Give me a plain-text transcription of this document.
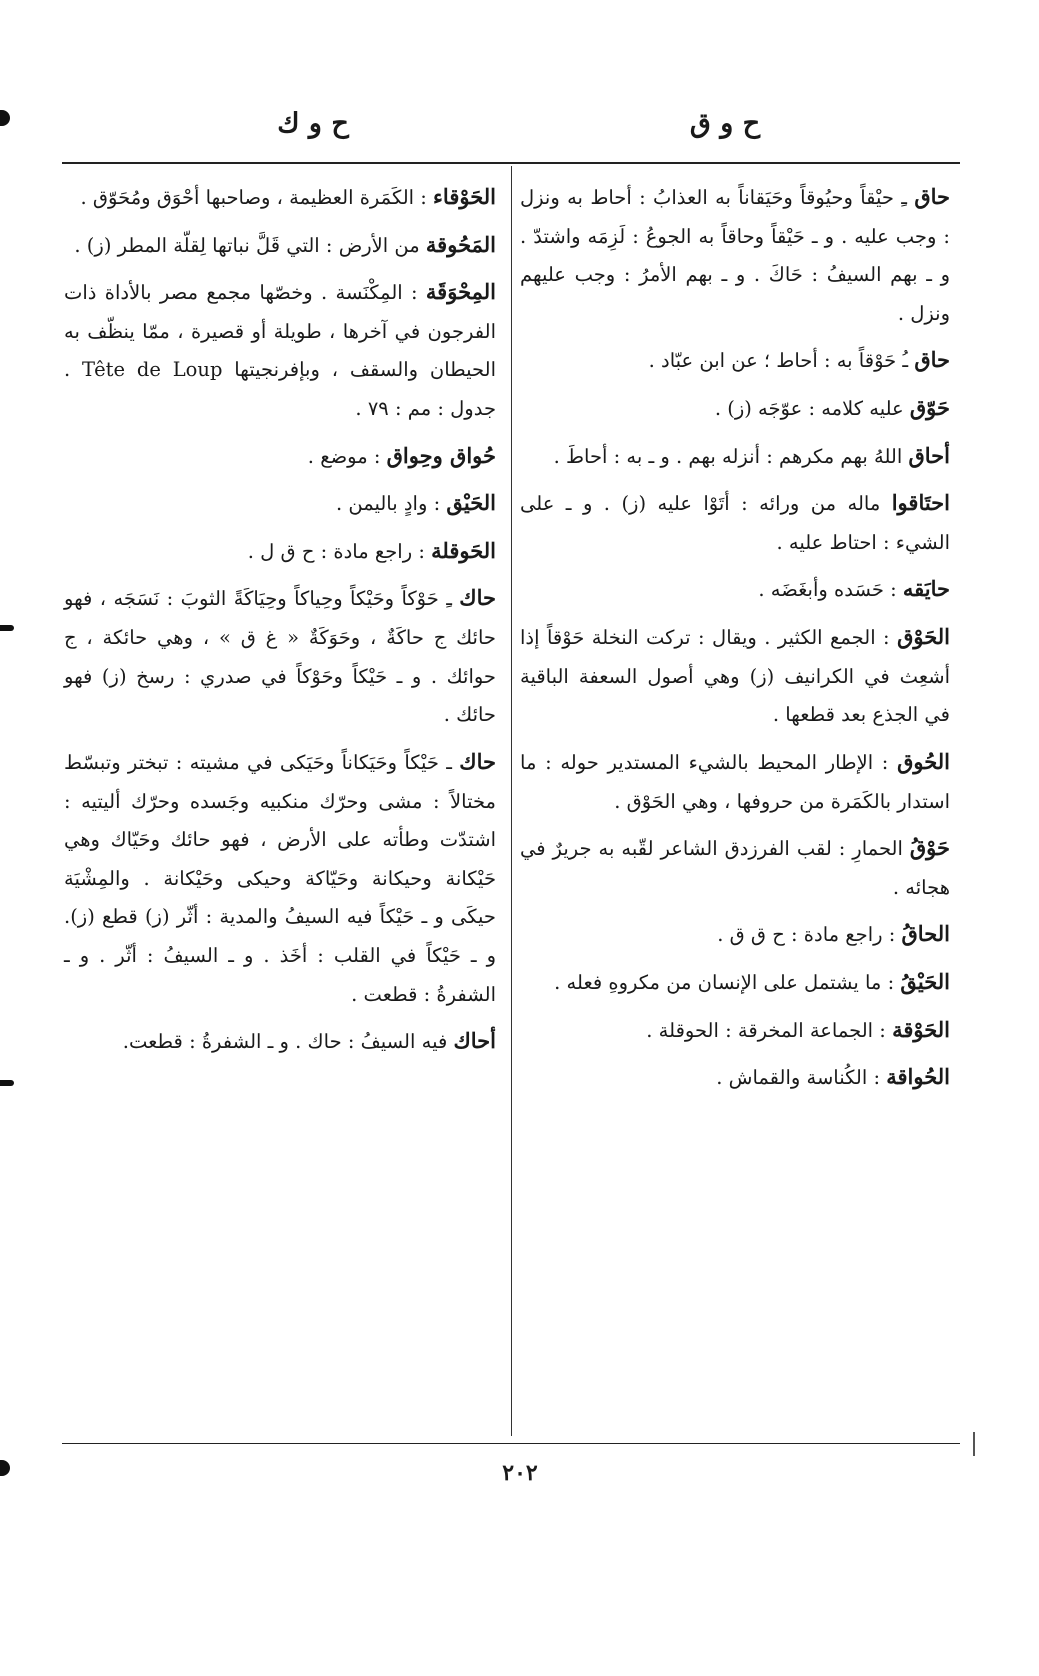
ح و ق
ح و ك
حاق ـِ حيْقاً وحيُوقاً وحَيَقاناً به العذابُ : أحاط به ونزل : وجب عليه . و ـ حَيْقاً وحاقاً به الجوعُ : لَزِمَه واشتدّ . و ـ بهم السيفُ : حَاكَ . و ـ بهم الأمرُ : وجب عليهم ونزل .
حاق ـُ حَوْقاً به : أحاط ؛ عن ابن عبّاد .
حَوّق عليه كلامه : عوّجَه (ز) .
أحاق اللهُ بهم مكرهم : أنزله بهم . و ـ به : أحاطَ .
احتَاقوا ماله من ورائه : أتَوْا عليه (ز) . و ـ على الشيء : احتاط عليه .
حايَقه : حَسَده وأبغَضَه .
الحَوْق : الجمع الكثير . ويقال : تركت النخلة حَوْقاً إذا أشعِث في الكرانيف (ز) وهي أصول السعفة الباقية في الجذع بعد قطعها .
الحُوق : الإطار المحيط بالشيء المستدير حوله : ما استدار بالكَمَرة من حروفها ، وهي الحَوْق .
حَوْقُ الحمارِ : لقب الفرزدق الشاعر لقّبه به جريرٌ في هجائه .
الحاقُ : راجع مادة : ح ق ق .
الحَيْقُ : ما يشتمل على الإنسان من مكروهِ فعله .
الحَوْقة : الجماعة المخرقة : الحوقلة .
الحُواقة : الكُناسة والقماش .
الحَوْقاء : الكَمَرة العظيمة ، وصاحبها أحْوَق ومُحَوّق .
المَحُوقة من الأرض : التي قَلَّ نباتها لِقلّة المطر (ز) .
المِحْوَقَة : المِكْنَسة . وخصّها مجمع مصر بالأداة ذات الفرجون في آخرها ، طويلة أو قصيرة ، ممّا ينظّف به الحيطان والسقف ، وبإفرنجيتها Tête de Loup . جدول : مم : ٧٩ .
حُواق وحِواق : موضع .
الحَيْق : وادٍ باليمن .
الحَوقلة : راجع مادة : ح ق ل .
حاك ـِ حَوْكاً وحَيْكاً وحِياكاً وحِيَاكَةً الثوبَ : نَسَجَه ، فهو حائك ج حاكَةٌ ، وحَوَكَةٌ « غ ق » ، وهي حائكة ، ج حوائك . و ـ حَيْكاً وحَوْكاً في صدري : رسخ (ز) فهو حائك .
حاك ـ حَيْكاً وحَيَكاناً وحَيَكى في مشيته : تبختر وتبسّط مختالاً : مشى وحرّك منكبيه وجَسده وحرّك أليتيه : اشتدّت وطأته على الأرض ، فهو حائك وحَيّاك وهي حَيْكانة وحيكانة وحَيّاكة وحيكى وحَيْكانة . والمِشْيَة حيكَى و ـ حَيْكاً فيه السيفُ والمدية : أثّر (ز) قطع (ز). و ـ حَيْكاً في القلب : أخَذ . و ـ السيفُ : أثّر . و ـ الشفرةُ : قطعت .
أحاك فيه السيفُ : حاك . و ـ الشفرةُ : قطعت.
٢٠٢
